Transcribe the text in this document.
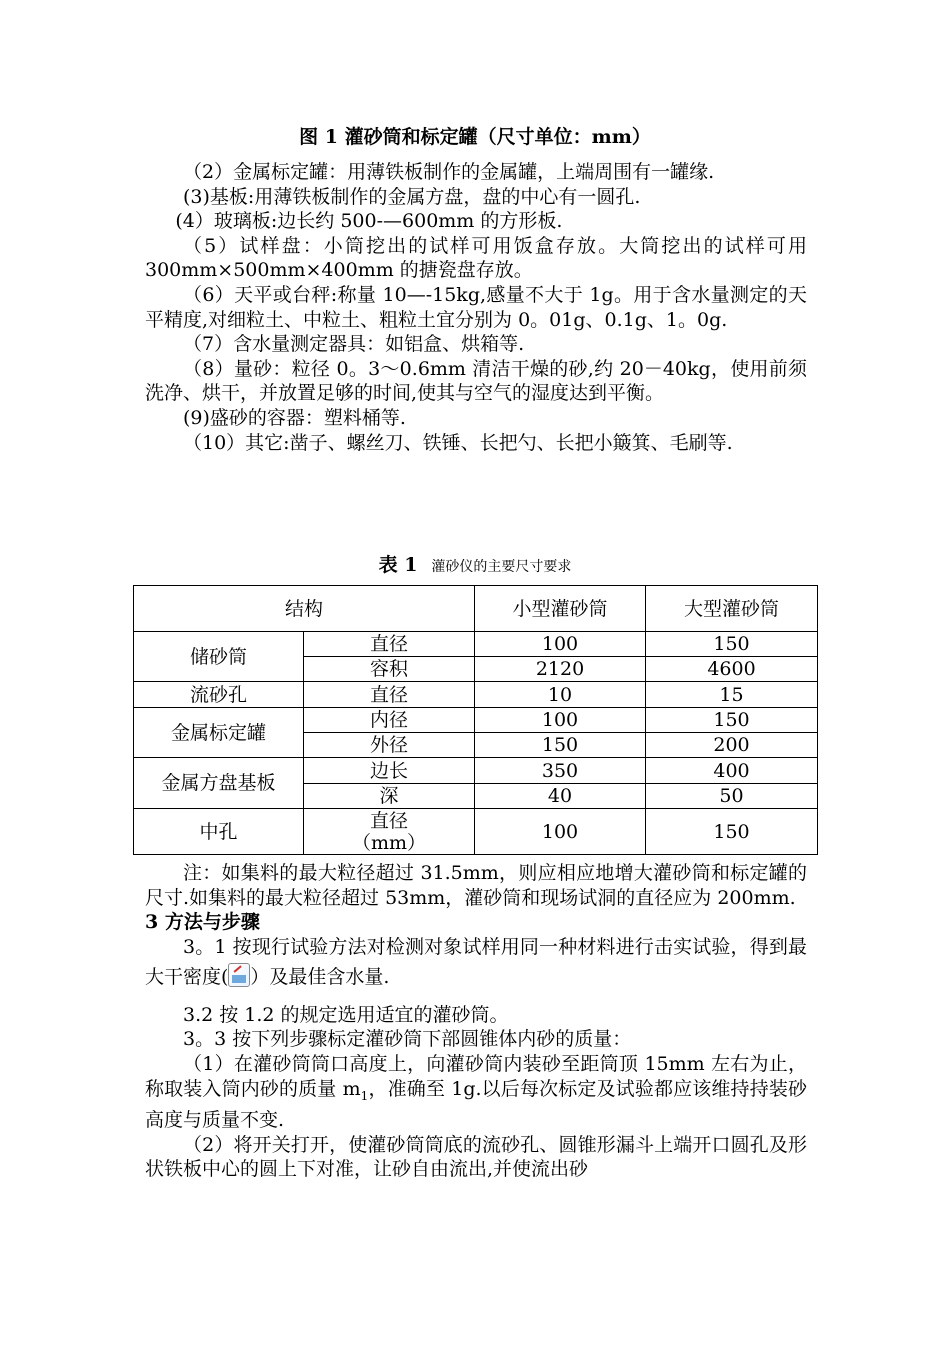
图 1 灌砂筒和标定罐（尺寸单位：mm）

（2）金属标定罐：用薄铁板制作的金属罐，上端周围有一罐缘.

(3)基板:用薄铁板制作的金属方盘，盘的中心有一圆孔.

(4）玻璃板:边长约 500-—600mm 的方形板.

（5）试样盘：小筒挖出的试样可用饭盒存放。大筒挖出的试样可用 300mm×500mm×400mm 的搪瓷盘存放。

（6）天平或台秤:称量 10—-15kg,感量不大于 1g。用于含水量测定的天平精度,对细粒土、中粒土、粗粒土宜分别为 0。01g、0.1g、1。0g.

（7）含水量测定器具：如铝盒、烘箱等.

（8）量砂：粒径 0。3～0.6mm 清洁干燥的砂,约 20－40kg，使用前须洗净、烘干，并放置足够的时间,使其与空气的湿度达到平衡。

(9)盛砂的容器：塑料桶等.

（10）其它:凿子、螺丝刀、铁锤、长把勺、长把小簸箕、毛刷等.

表 1 灌砂仪的主要尺寸要求
结构		小型灌砂筒	大型灌砂筒
储砂筒	直径	100	150
	容积	2120	4600
流砂孔	直径	10	15
金属标定罐	内径	100	150
	外径	150	200
金属方盘基板	边长	350	400
	深	40	50
中孔	直径（mm）	100	150

注：如集料的最大粒径超过 31.5mm，则应相应地增大灌砂筒和标定罐的尺寸.如集料的最大粒径超过 53mm，灌砂筒和现场试洞的直径应为 200mm.

3 方法与步骤

3。1 按现行试验方法对检测对象试样用同一种材料进行击实试验，得到最大干密度( ）及最佳含水量.

3.2 按 1.2 的规定选用适宜的灌砂筒。

3。3 按下列步骤标定灌砂筒下部圆锥体内砂的质量：

（1）在灌砂筒筒口高度上，向灌砂筒内装砂至距筒顶 15mm 左右为止，称取装入筒内砂的质量 $m_1$，准确至 1g.以后每次标定及试验都应该维持持装砂高度与质量不变.

（2）将开关打开，使灌砂筒筒底的流砂孔、圆锥形漏斗上端开口圆孔及形状铁板中心的圆上下对准，让砂自由流出,并使流出砂
